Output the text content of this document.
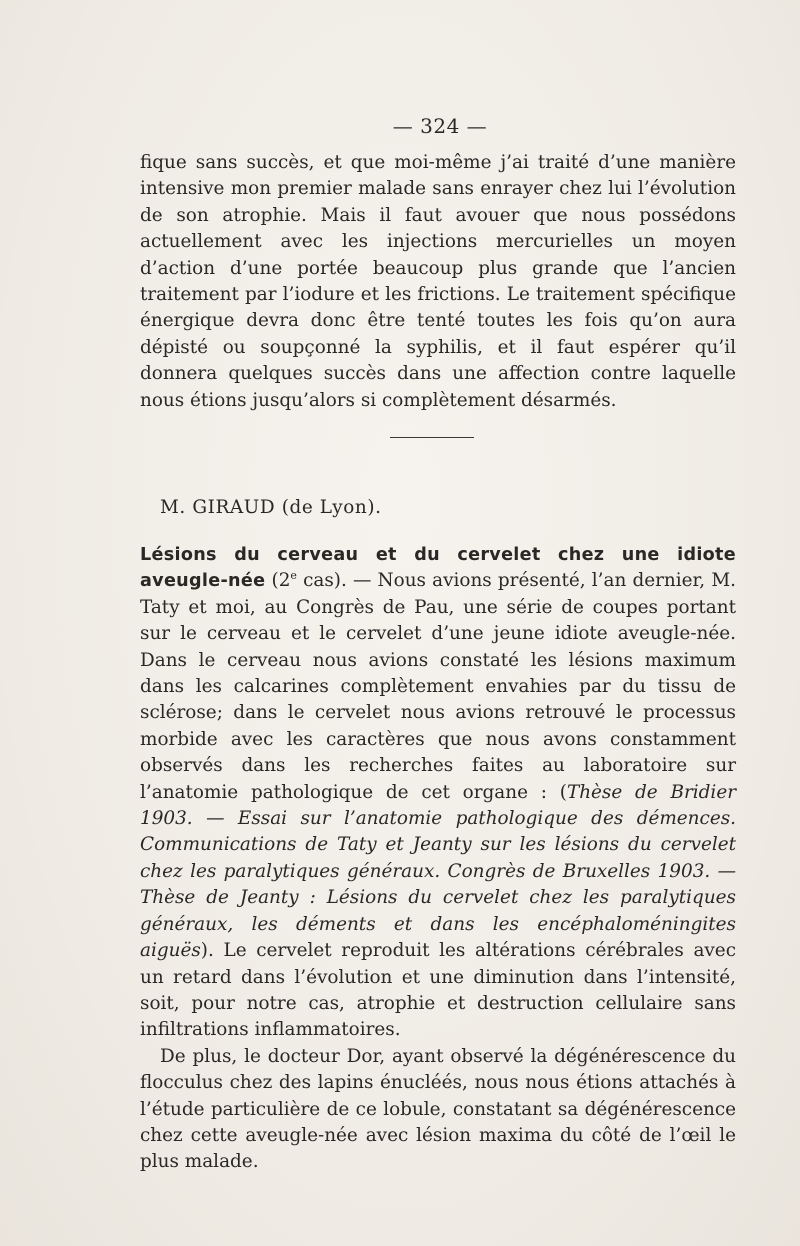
— 324 —
fique sans succès, et que moi-même j’ai traité d’une manière intensive mon premier malade sans enrayer chez lui l’évolution de son atrophie. Mais il faut avouer que nous possédons actuellement avec les injections mercurielles un moyen d’action d’une portée beaucoup plus grande que l’ancien traitement par l’iodure et les frictions. Le traitement spécifique énergique devra donc être tenté toutes les fois qu’on aura dépisté ou soupçonné la syphilis, et il faut espérer qu’il donnera quelques succès dans une affection contre laquelle nous étions jusqu’alors si complètement désarmés.
M. GIRAUD (de Lyon).

Lésions du cerveau et du cervelet chez une idiote aveugle-née (2e cas). — Nous avions présenté, l’an dernier, M. Taty et moi, au Congrès de Pau, une série de coupes portant sur le cerveau et le cervelet d’une jeune idiote aveugle-née. Dans le cerveau nous avions constaté les lésions maximum dans les calcarines complètement envahies par du tissu de sclérose; dans le cervelet nous avions retrouvé le processus morbide avec les caractères que nous avons constamment observés dans les recherches faites au laboratoire sur l’anatomie pathologique de cet organe : (Thèse de Bridier 1903. — Essai sur l’anatomie pathologique des démences. Communications de Taty et Jeanty sur les lésions du cervelet chez les paralytiques généraux. Congrès de Bruxelles 1903. — Thèse de Jeanty : Lésions du cervelet chez les paralytiques généraux, les déments et dans les encéphaloméningites aiguës). Le cervelet reproduit les altérations cérébrales avec un retard dans l’évolution et une diminution dans l’intensité, soit, pour notre cas, atrophie et destruction cellulaire sans infiltrations inflammatoires.

De plus, le docteur Dor, ayant observé la dégénérescence du flocculus chez des lapins énucléés, nous nous étions attachés à l’étude particulière de ce lobule, constatant sa dégénérescence chez cette aveugle-née avec lésion maxima du côté de l’œil le plus malade.
